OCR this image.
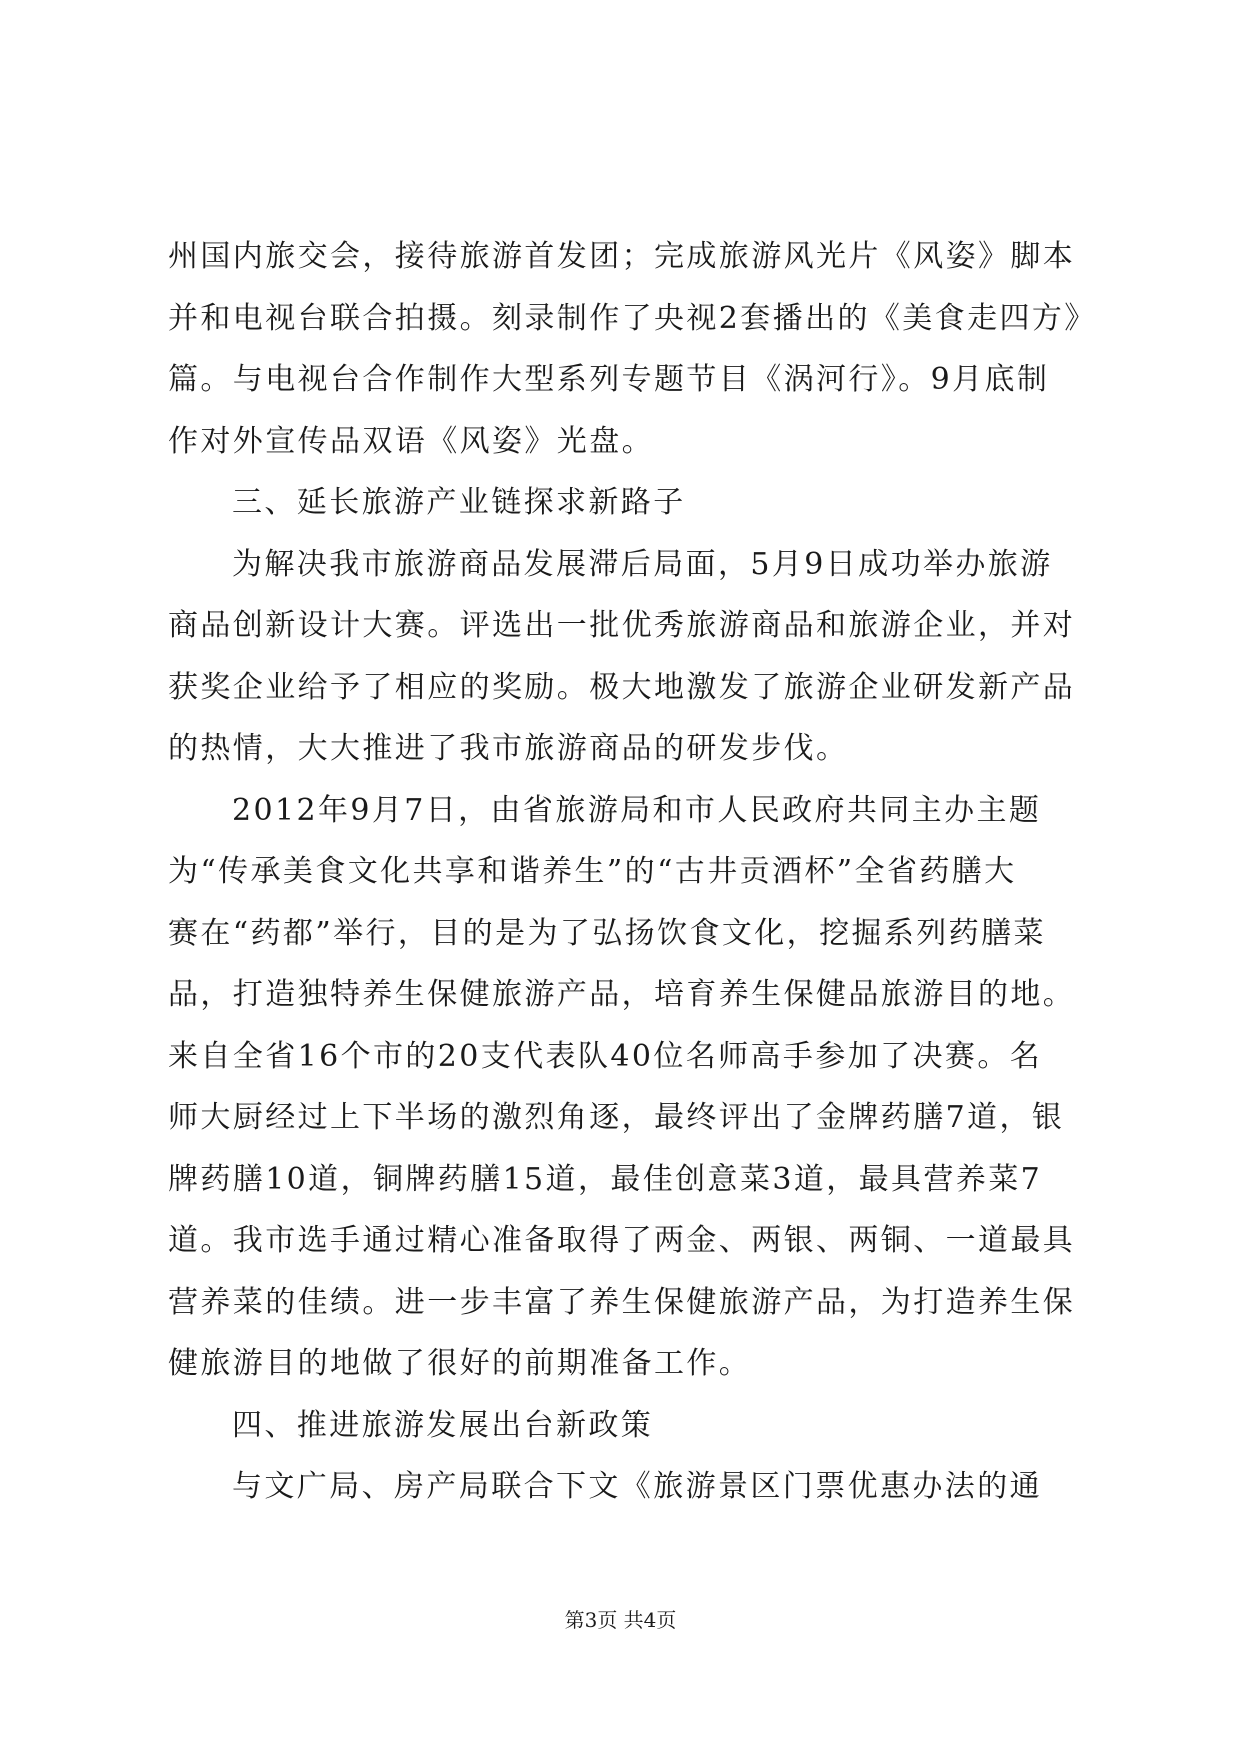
州国内旅交会，接待旅游首发团；完成旅游风光片《风姿》脚本
并和电视台联合拍摄。刻录制作了央视2套播出的《美食走四方》
篇。与电视台合作制作大型系列专题节目《涡河行》。9月底制
作对外宣传品双语《风姿》光盘。
三、延长旅游产业链探求新路子
为解决我市旅游商品发展滞后局面，5月9日成功举办旅游
商品创新设计大赛。评选出一批优秀旅游商品和旅游企业，并对
获奖企业给予了相应的奖励。极大地激发了旅游企业研发新产品
的热情，大大推进了我市旅游商品的研发步伐。
2012年9月7日，由省旅游局和市人民政府共同主办主题
为“传承美食文化共享和谐养生”的“古井贡酒杯”全省药膳大
赛在“药都”举行，目的是为了弘扬饮食文化，挖掘系列药膳菜
品，打造独特养生保健旅游产品，培育养生保健品旅游目的地。
来自全省16个市的20支代表队40位名师高手参加了决赛。名
师大厨经过上下半场的激烈角逐，最终评出了金牌药膳7道，银
牌药膳10道，铜牌药膳15道，最佳创意菜3道，最具营养菜7
道。我市选手通过精心准备取得了两金、两银、两铜、一道最具
营养菜的佳绩。进一步丰富了养生保健旅游产品，为打造养生保
健旅游目的地做了很好的前期准备工作。
四、推进旅游发展出台新政策
与文广局、房产局联合下文《旅游景区门票优惠办法的通
第3页 共4页
